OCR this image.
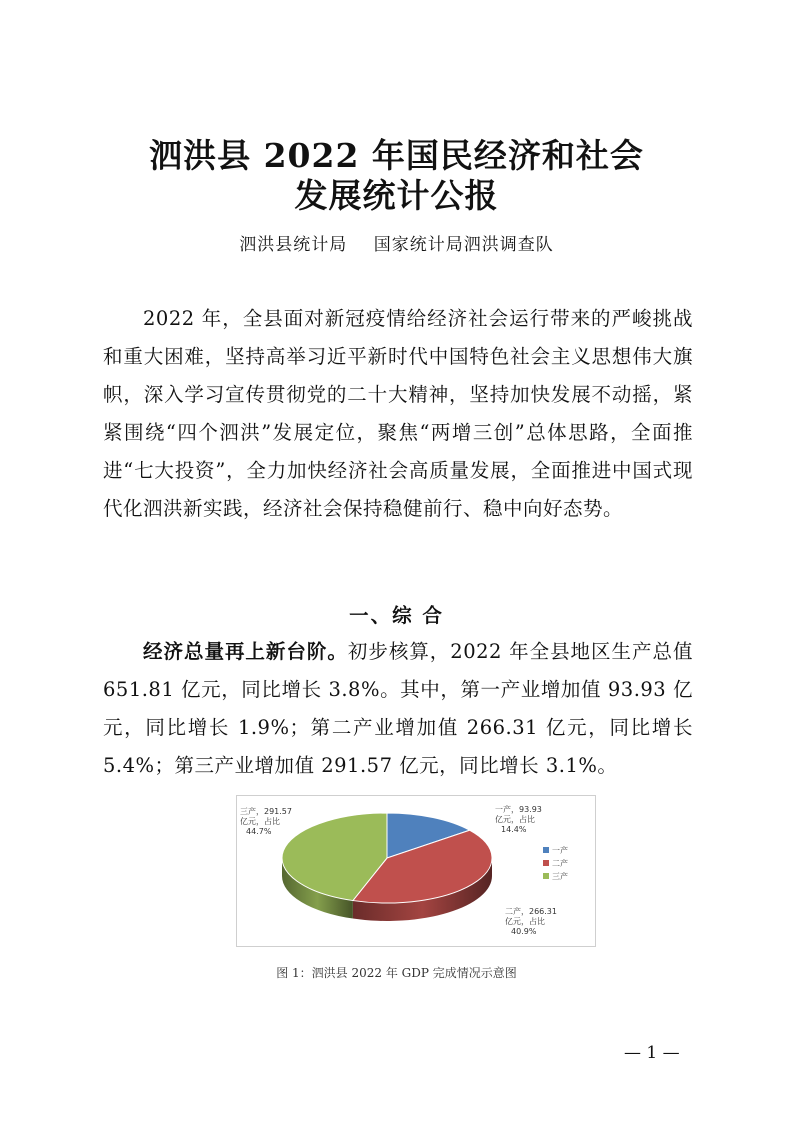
泗洪县 2022 年国民经济和社会
发展统计公报
泗洪县统计局 国家统计局泗洪调查队
2022 年，全县面对新冠疫情给经济社会运行带来的严峻挑战和重大困难，坚持高举习近平新时代中国特色社会主义思想伟大旗帜，深入学习宣传贯彻党的二十大精神，坚持加快发展不动摇，紧紧围绕“四个泗洪”发展定位，聚焦“两增三创”总体思路，全面推进“七大投资”，全力加快经济社会高质量发展，全面推进中国式现代化泗洪新实践，经济社会保持稳健前行、稳中向好态势。
一、综 合
经济总量再上新台阶。初步核算，2022 年全县地区生产总值 651.81 亿元，同比增长 3.8%。其中，第一产业增加值 93.93 亿元，同比增长 1.9%；第二产业增加值 266.31 亿元，同比增长 5.4%；第三产业增加值 291.57 亿元，同比增长 3.1%。
一产，93.93 亿元，占比 14.4%
二产，266.31 亿元，占比 40.9%
三产，291.57 亿元，占比 44.7%
一产
二产
三产
图 1：泗洪县 2022 年 GDP 完成情况示意图
— 1 —
